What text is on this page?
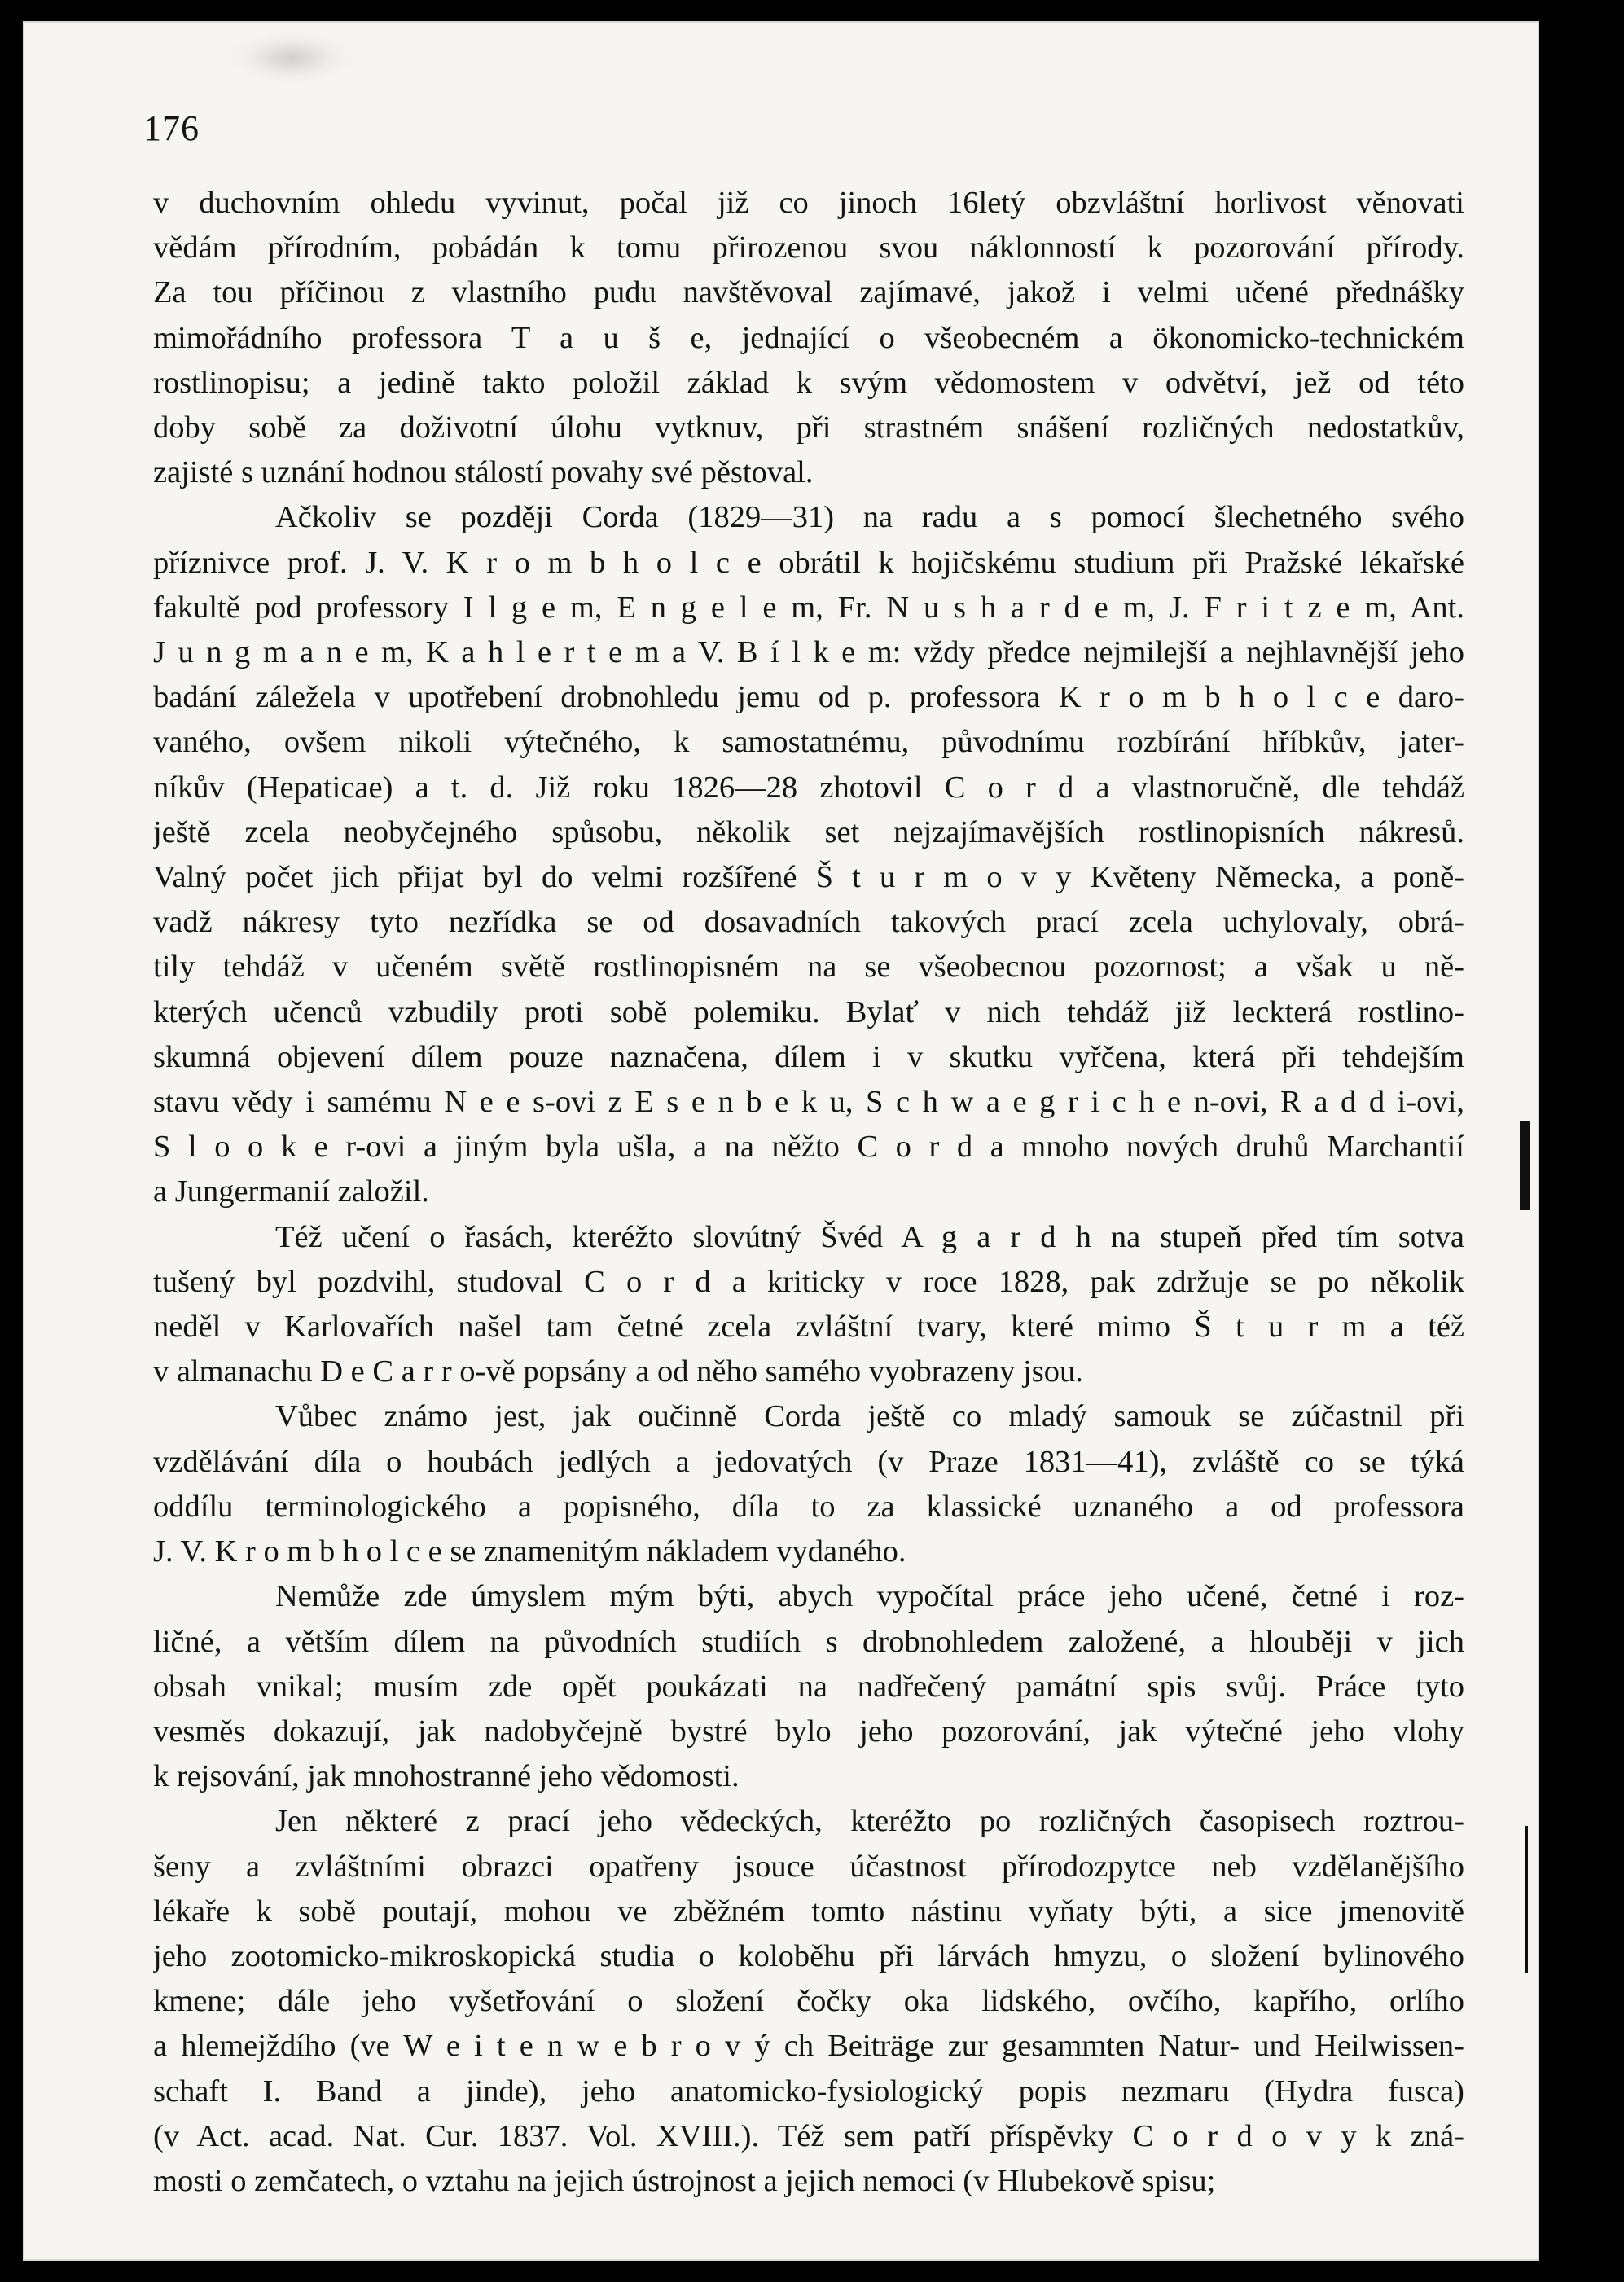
176

v duchovním ohledu vyvinut, počal již co jinoch 16letý obzvláštní horlivost věnovati
vědám přírodním, pobádán k tomu přirozenou svou náklonností k pozorování přírody.
Za tou příčinou z vlastního pudu navštěvoval zajímavé, jakož i velmi učené přednášky
mimořádního professora T a u š e, jednající o všeobecném a ökonomicko-technickém
rostlinopisu; a jedině takto položil základ k svým vědomostem v odvětví, jež od této
doby sobě za doživotní úlohu vytknuv, při strastném snášení rozličných nedostatkův,
zajisté s uznání hodnou stálostí povahy své pěstoval.

Ačkoliv se později Corda (1829—31) na radu a s pomocí šlechetného svého
příznivce prof. J. V. K r o m b h o l c e obrátil k hojičskému studium při Pražské lékařské
fakultě pod professory I l g e m, E n g e l e m, Fr. N u s h a r d e m, J. F r i t z e m, Ant.
J u n g m a n e m, K a h l e r t e m a V. B í l k e m: vždy předce nejmilejší a nejhlavnější jeho
badání záležela v upotřebení drobnohledu jemu od p. professora K r o m b h o l c e daro-
vaného, ovšem nikoli výtečného, k samostatnému, původnímu rozbírání hříbkův, jater-
níkův (Hepaticae) a t. d. Již roku 1826—28 zhotovil C o r d a vlastnoručně, dle tehdáž
ještě zcela neobyčejného spůsobu, několik set nejzajímavějších rostlinopisních nákresů.
Valný počet jich přijat byl do velmi rozšířené Š t u r m o v y Květeny Německa, a poně-
vadž nákresy tyto nezřídka se od dosavadních takových prací zcela uchylovaly, obrá-
tily tehdáž v učeném světě rostlinopisném na se všeobecnou pozornost; a však u ně-
kterých učenců vzbudily proti sobě polemiku. Bylať v nich tehdáž již leckterá rostlino-
skumná objevení dílem pouze naznačena, dílem i v skutku vyřčena, která při tehdejším
stavu vědy i samému N e e s-ovi z E s e n b e k u, S c h w a e g r i c h e n-ovi, R a d d i-ovi,
S l o o k e r-ovi a jiným byla ušla, a na něžto C o r d a mnoho nových druhů Marchantií
a Jungermanií založil.

Též učení o řasách, kteréžto slovútný Švéd A g a r d h na stupeň před tím sotva
tušený byl pozdvihl, studoval C o r d a kriticky v roce 1828, pak zdržuje se po několik
neděl v Karlovařích našel tam četné zcela zvláštní tvary, které mimo Š t u r m a též
v almanachu D e C a r r o-vě popsány a od něho samého vyobrazeny jsou.

Vůbec známo jest, jak oučinně Corda ještě co mladý samouk se zúčastnil při
vzdělávání díla o houbách jedlých a jedovatých (v Praze 1831—41), zvláště co se týká
oddílu terminologického a popisného, díla to za klassické uznaného a od professora
J. V. K r o m b h o l c e se znamenitým nákladem vydaného.

Nemůže zde úmyslem mým býti, abych vypočítal práce jeho učené, četné i roz-
ličné, a větším dílem na původních studiích s drobnohledem založené, a hlouběji v jich
obsah vnikal; musím zde opět poukázati na nadřečený památní spis svůj. Práce tyto
vesměs dokazují, jak nadobyčejně bystré bylo jeho pozorování, jak výtečné jeho vlohy
k rejsování, jak mnohostranné jeho vědomosti.

Jen některé z prací jeho vědeckých, kteréžto po rozličných časopisech roztrou-
šeny a zvláštními obrazci opatřeny jsouce účastnost přírodozpytce neb vzdělanějšího
lékaře k sobě poutají, mohou ve zběžném tomto nástinu vyňaty býti, a sice jmenovitě
jeho zootomicko-mikroskopická studia o koloběhu při lárvách hmyzu, o složení bylinového
kmene; dále jeho vyšetřování o složení čočky oka lidského, ovčího, kapřího, orlího
a hlemejždího (ve W e i t e n w e b r o v ý ch Beiträge zur gesammten Natur- und Heilwissen-
schaft I. Band a jinde), jeho anatomicko-fysiologický popis nezmaru (Hydra fusca)
(v Act. acad. Nat. Cur. 1837. Vol. XVIII.). Též sem patří příspěvky C o r d o v y k zná-
mosti o zemčatech, o vztahu na jejich ústrojnost a jejich nemoci (v Hlubekově spisu;
